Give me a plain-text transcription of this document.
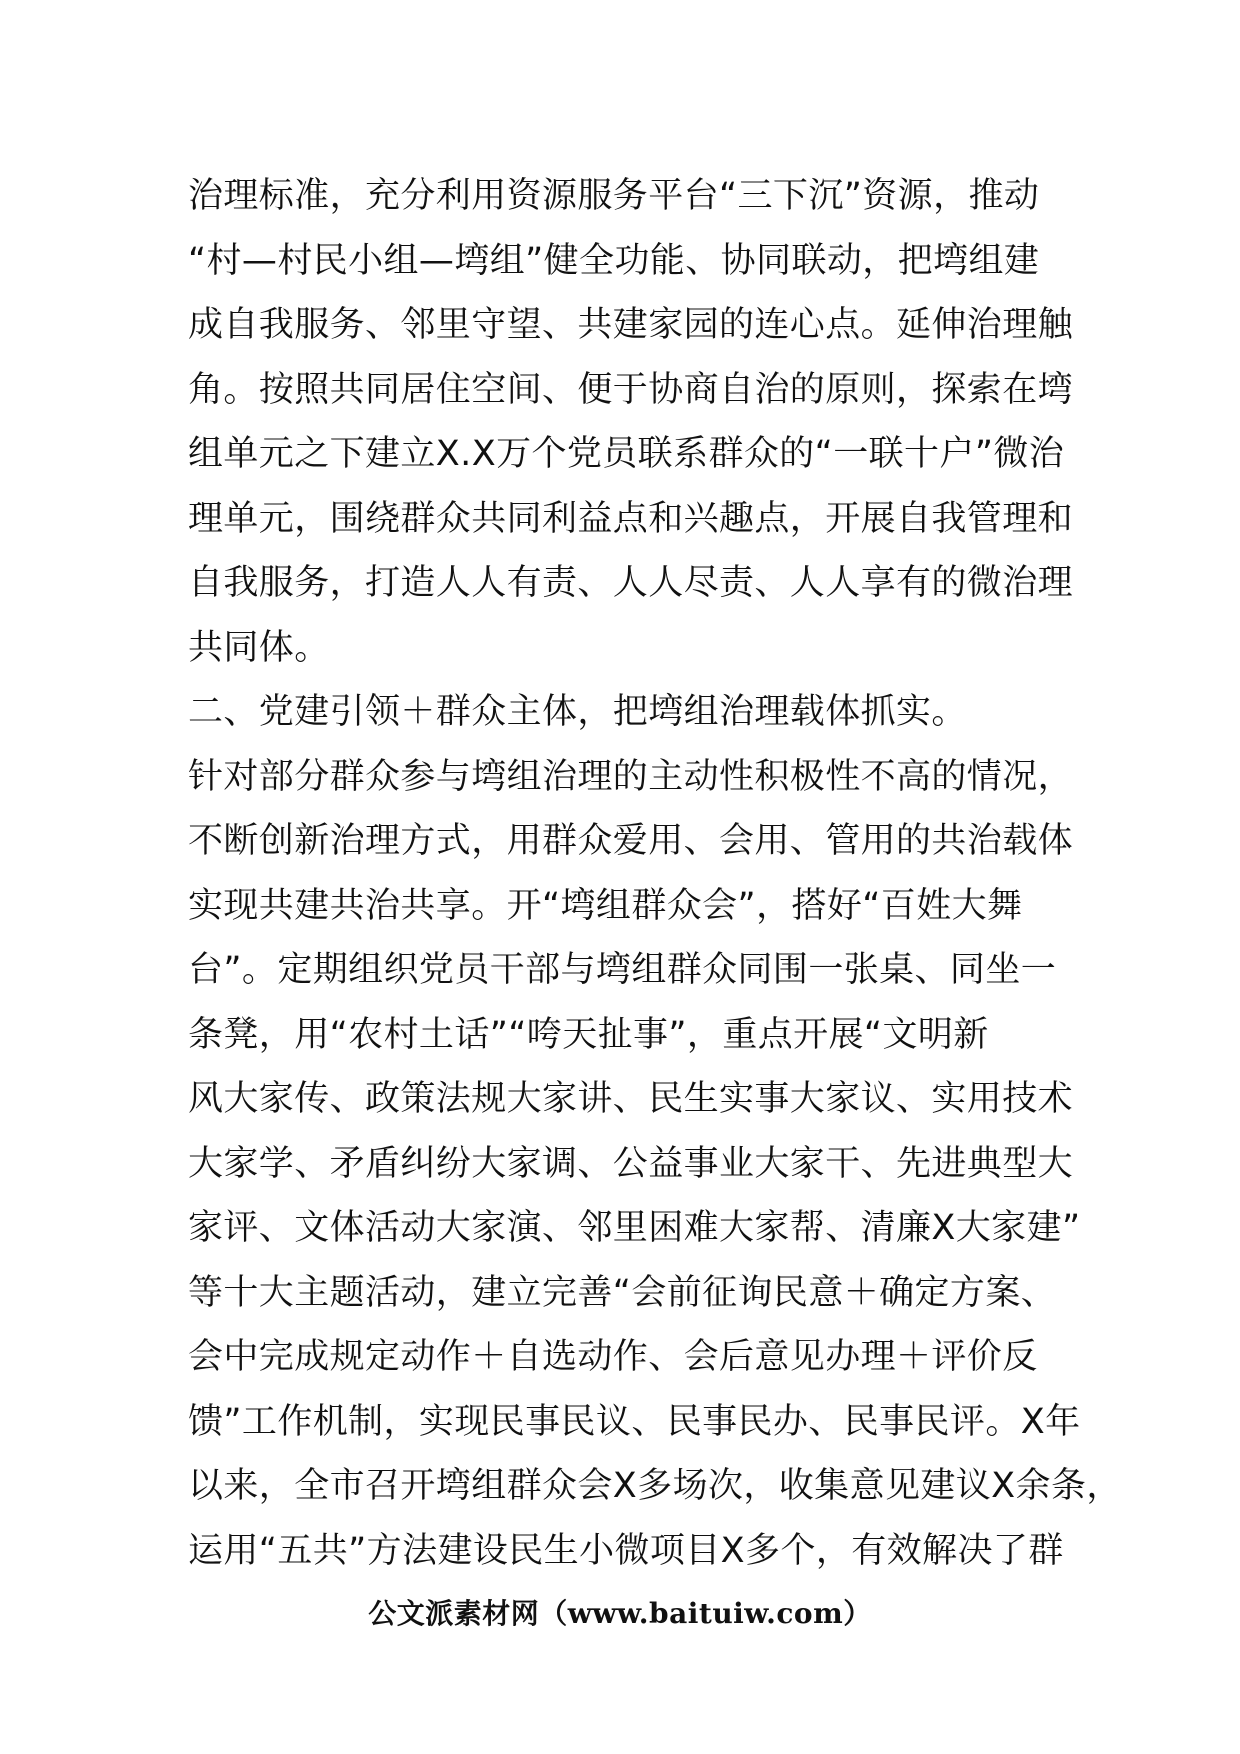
治理标准，充分利用资源服务平台“三下沉”资源，推动
“村—村民小组—塆组”健全功能、协同联动，把塆组建
成自我服务、邻里守望、共建家园的连心点。延伸治理触
角。按照共同居住空间、便于协商自治的原则，探索在塆
组单元之下建立X.X万个党员联系群众的“一联十户”微治
理单元，围绕群众共同利益点和兴趣点，开展自我管理和
自我服务，打造人人有责、人人尽责、人人享有的微治理
共同体。
二、党建引领＋群众主体，把塆组治理载体抓实。
针对部分群众参与塆组治理的主动性积极性不高的情况，
不断创新治理方式，用群众爱用、会用、管用的共治载体
实现共建共治共享。开“塆组群众会”，搭好“百姓大舞
台”。定期组织党员干部与塆组群众同围一张桌、同坐一
条凳，用“农村土话”“咵天扯事”，重点开展“文明新
风大家传、政策法规大家讲、民生实事大家议、实用技术
大家学、矛盾纠纷大家调、公益事业大家干、先进典型大
家评、文体活动大家演、邻里困难大家帮、清廉X大家建”
等十大主题活动，建立完善“会前征询民意＋确定方案、
会中完成规定动作＋自选动作、会后意见办理＋评价反
馈”工作机制，实现民事民议、民事民办、民事民评。X年
以来，全市召开塆组群众会X多场次，收集意见建议X余条，
运用“五共”方法建设民生小微项目X多个，有效解决了群
公文派素材网（www.baituiw.com）
